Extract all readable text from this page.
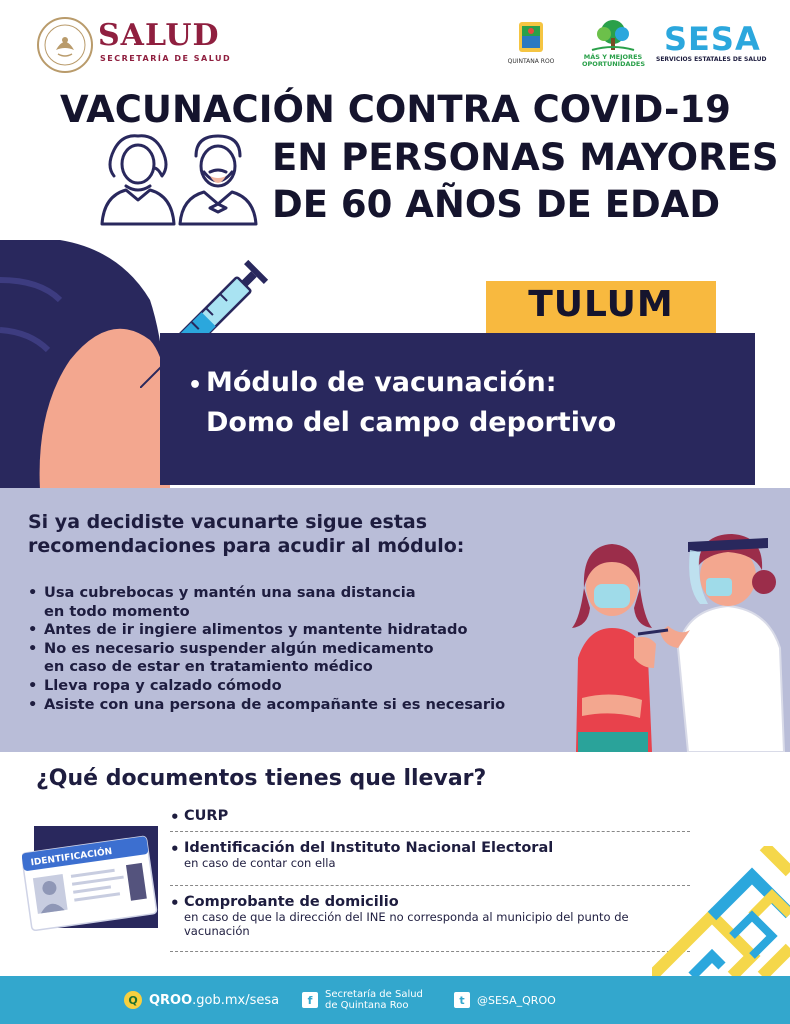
SALUD
SECRETARÍA DE SALUD	QUINTANA ROO
MÁS Y MEJORES
OPORTUNIDADES
SESA
SERVICIOS ESTATALES DE SALUD
VACUNACIÓN CONTRA COVID-19
EN PERSONAS MAYORES
DE 60 AÑOS DE EDAD
TULUM
• Módulo de vacunación:
Domo del campo deportivo
Si ya decidiste vacunarte sigue estas recomendaciones para acudir al módulo:
• Usa cubrebocas y mantén una sana distancia
en todo momento
• Antes de ir ingiere alimentos y mantente hidratado
• No es necesario suspender algún medicamento
en caso de estar en tratamiento médico
• Lleva ropa y calzado cómodo
• Asiste con una persona de acompañante si es necesario
¿Qué documentos tienes que llevar?
IDENTIFICACIÓN
• CURP
• Identificación del Instituto Nacional Electoral
en caso de contar con ella
• Comprobante de domicilio
en caso de que la dirección del INE no corresponda al municipio del punto de vacunación
Q QROO .gob.mx/sesa	f	Secretaría de Salud
de Quintana Roo	t	@SESA_QROO
